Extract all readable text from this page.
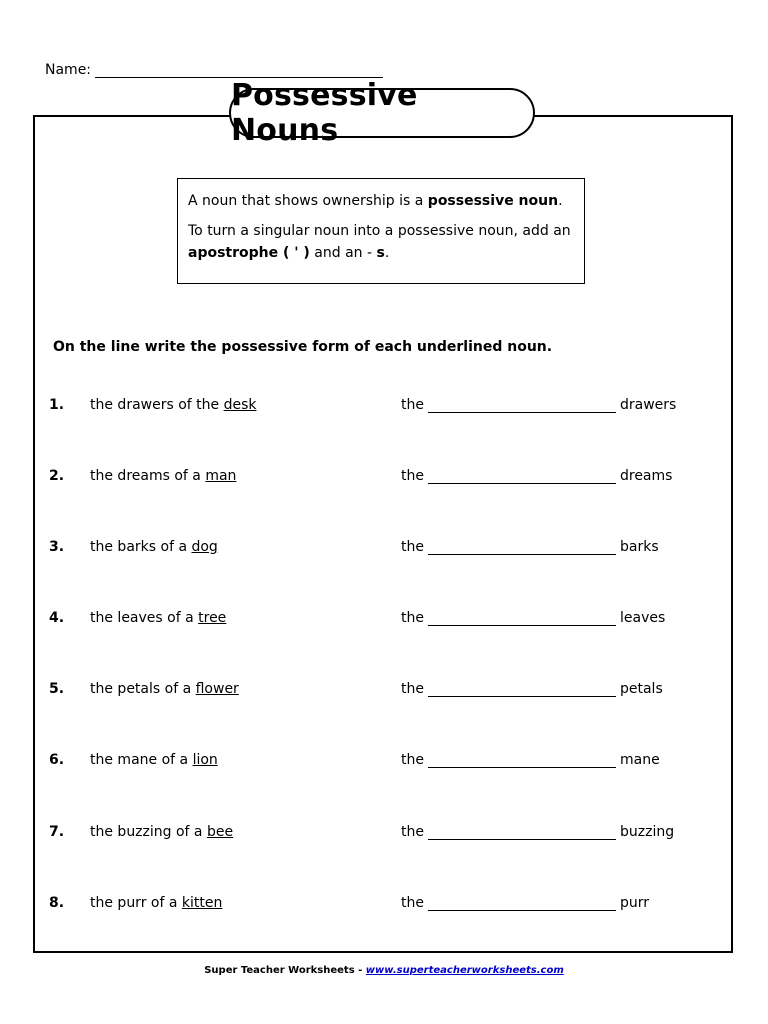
Name:
Possessive Nouns

A noun that shows ownership is a possessive noun.

To turn a singular noun into a possessive noun, add an apostrophe ( ' ) and an - s.

On the line write the possessive form of each underlined noun.
1. the drawers of the desk	the	drawers
2. the dreams of a man	the	dreams
3. the barks of a dog	the	barks
4. the leaves of a tree	the	leaves
5. the petals of a flower	the	petals
6. the mane of a lion	the	mane
7. the buzzing of a bee	the	buzzing
8. the purr of a kitten	the	purr
Super Teacher Worksheets - www.superteacherworksheets.com
